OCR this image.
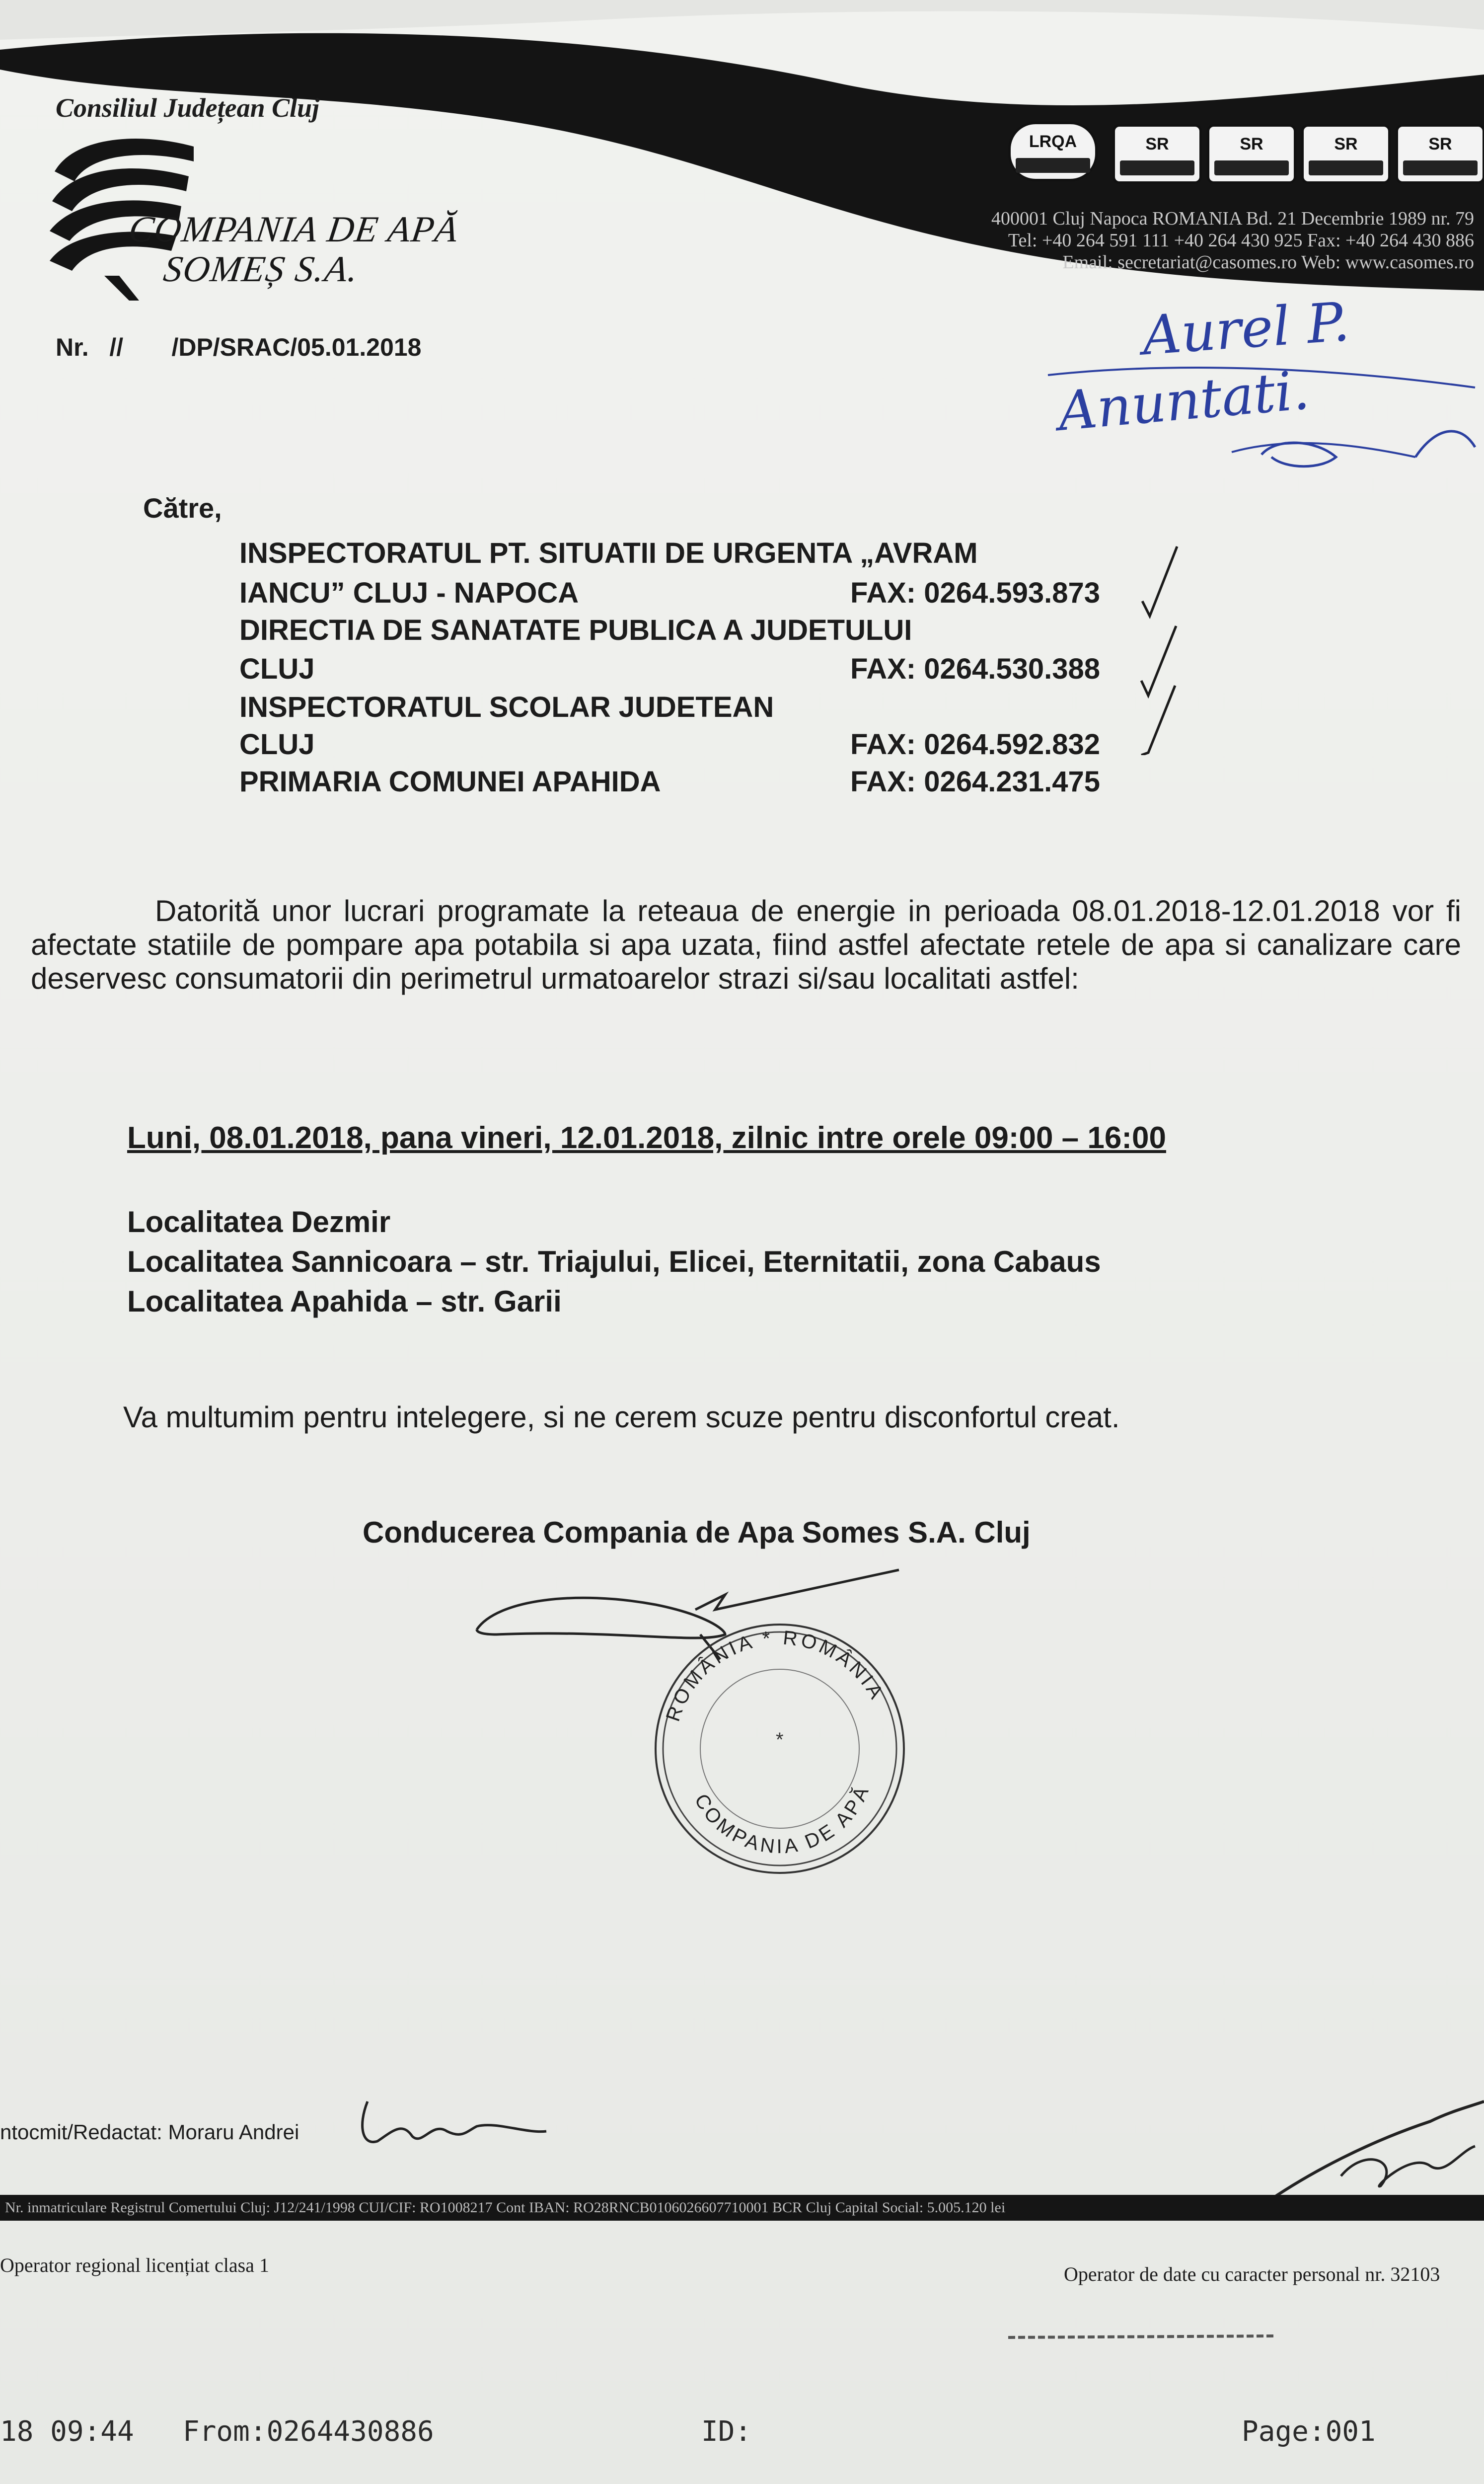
Consiliul Județean Cluj
COMPANIA DE APĂ
SOMEȘ S.A.
LRQA	SR	SR	SR	SR
400001 Cluj Napoca ROMANIA Bd. 21 Decembrie 1989 nr. 79
Tel: +40 264 591 111 +40 264 430 925 Fax: +40 264 430 886
Email: secretariat@casomes.ro Web: www.casomes.ro
Nr. // /DP/SRAC/05.01.2018	Aurel P.
Anuntati.
Către,
INSPECTORATUL PT. SITUATII DE URGENTA „AVRAM
IANCU” CLUJ - NAPOCA	FAX: 0264.593.873
DIRECTIA DE SANATATE PUBLICA A JUDETULUI
CLUJ	FAX: 0264.530.388
INSPECTORATUL SCOLAR JUDETEAN
CLUJ	FAX: 0264.592.832
PRIMARIA COMUNEI APAHIDA	FAX: 0264.231.475
Datorită unor lucrari programate la reteaua de energie in perioada 08.01.2018-12.01.2018 vor fi afectate statiile de pompare apa potabila si apa uzata, fiind astfel afectate retele de apa si canalizare care deservesc consumatorii din perimetrul urmatoarelor strazi si/sau localitati astfel:
Luni, 08.01.2018, pana vineri, 12.01.2018, zilnic intre orele 09:00 – 16:00
Localitatea Dezmir
Localitatea Sannicoara – str. Triajului, Elicei, Eternitatii, zona Cabaus
Localitatea Apahida – str. Garii
Va multumim pentru intelegere, si ne cerem scuze pentru disconfortul creat.
Conducerea Compania de Apa Somes S.A. Cluj
ROMÂNIA * ROMÂNIA
COMPANIA DE APĂ
*
ntocmit/Redactat: Moraru Andrei
Nr. inmatriculare Registrul Comertului Cluj: J12/241/1998 CUI/CIF: RO1008217 Cont IBAN: RO28RNCB0106026607710001 BCR Cluj Capital Social: 5.005.120 lei
Operator regional licențiat clasa 1	Operator de date cu caracter personal nr. 32103
18 09:44 From:0264430886	ID:	Page:001
